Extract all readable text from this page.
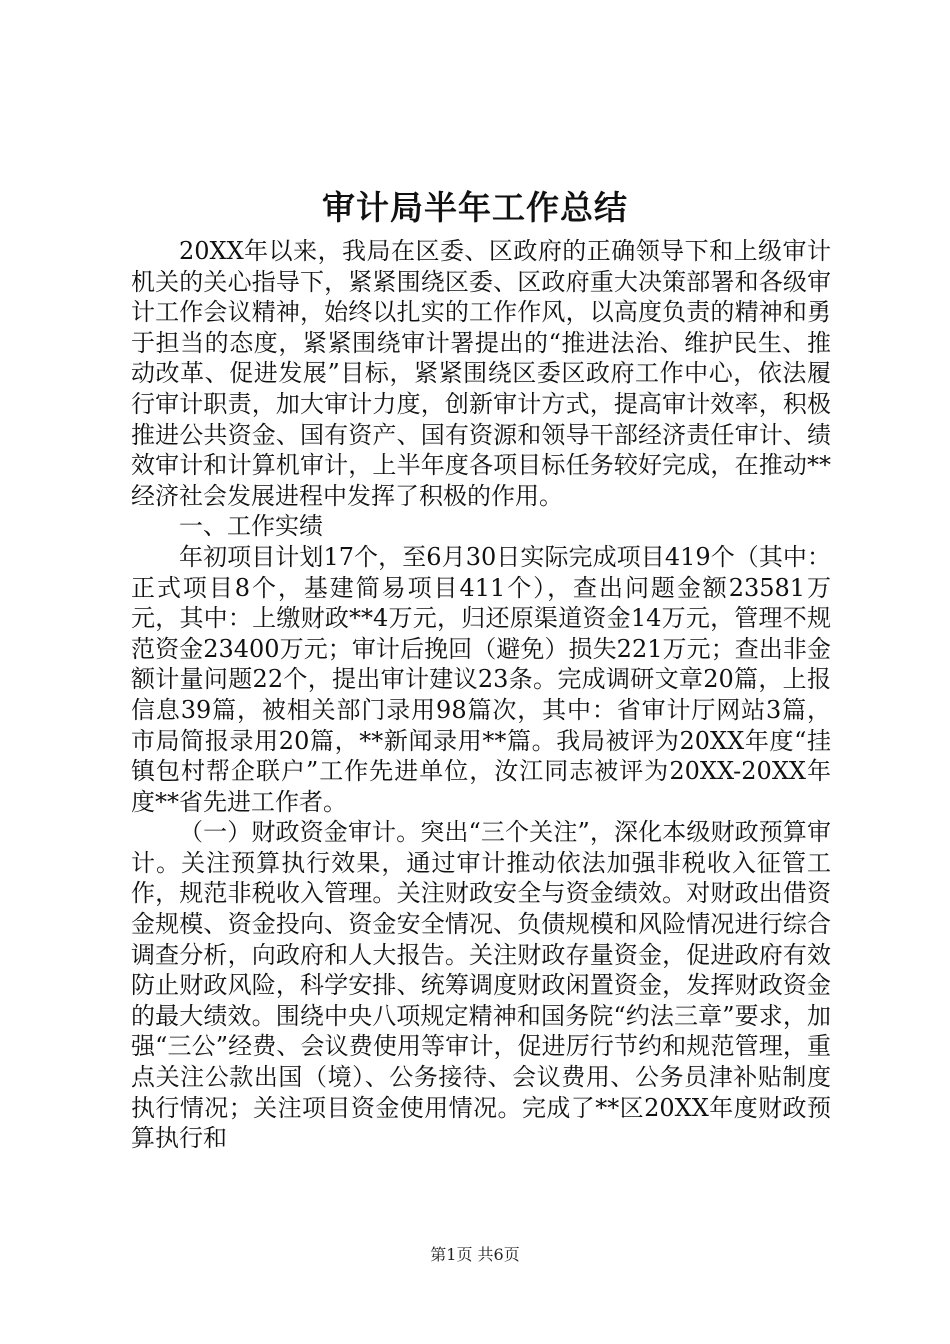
审计局半年工作总结

20XX年以来，我局在区委、区政府的正确领导下和上级审计机关的关心指导下，紧紧围绕区委、区政府重大决策部署和各级审计工作会议精神，始终以扎实的工作作风，以高度负责的精神和勇于担当的态度，紧紧围绕审计署提出的“推进法治、维护民生、推动改革、促进发展”目标，紧紧围绕区委区政府工作中心，依法履行审计职责，加大审计力度，创新审计方式，提高审计效率，积极推进公共资金、国有资产、国有资源和领导干部经济责任审计、绩效审计和计算机审计，上半年度各项目标任务较好完成，在推动**经济社会发展进程中发挥了积极的作用。

一、工作实绩

年初项目计划17个，至6月30日实际完成项目419个（其中：正式项目8个，基建简易项目411个），查出问题金额23581万元，其中：上缴财政**4万元，归还原渠道资金14万元，管理不规范资金23400万元；审计后挽回（避免）损失221万元；查出非金额计量问题22个，提出审计建议23条。完成调研文章20篇，上报信息39篇，被相关部门录用98篇次，其中：省审计厅网站3篇，市局简报录用20篇，**新闻录用**篇。我局被评为20XX年度“挂镇包村帮企联户”工作先进单位，汝江同志被评为20XX-20XX年度**省先进工作者。

（一）财政资金审计。突出“三个关注”，深化本级财政预算审计。关注预算执行效果，通过审计推动依法加强非税收入征管工作，规范非税收入管理。关注财政安全与资金绩效。对财政出借资金规模、资金投向、资金安全情况、负债规模和风险情况进行综合调查分析，向政府和人大报告。关注财政存量资金，促进政府有效防止财政风险，科学安排、统筹调度财政闲置资金，发挥财政资金的最大绩效。围绕中央八项规定精神和国务院“约法三章”要求，加强“三公”经费、会议费使用等审计，促进厉行节约和规范管理，重点关注公款出国（境）、公务接待、会议费用、公务员津补贴制度执行情况；关注项目资金使用情况。完成了**区20XX年度财政预算执行和

第1页 共6页
